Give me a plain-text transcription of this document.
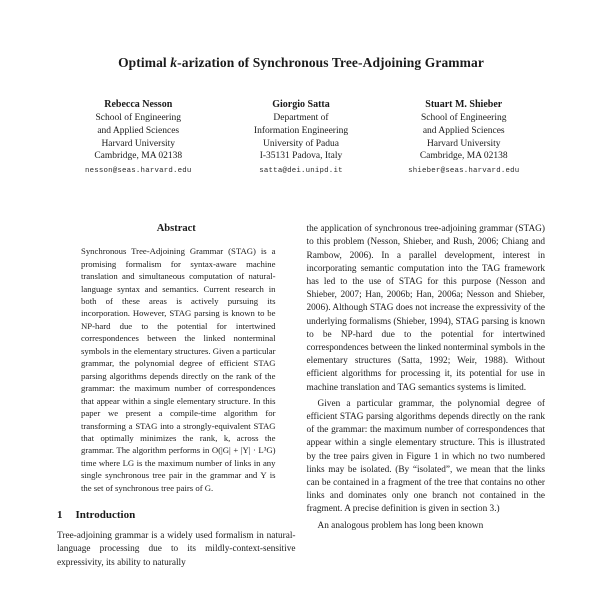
Optimal k-arization of Synchronous Tree-Adjoining Grammar
Rebecca Nesson
School of Engineering
and Applied Sciences
Harvard University
Cambridge, MA 02138
nesson@seas.harvard.edu
Giorgio Satta
Department of
Information Engineering
University of Padua
I-35131 Padova, Italy
satta@dei.unipd.it
Stuart M. Shieber
School of Engineering
and Applied Sciences
Harvard University
Cambridge, MA 02138
shieber@seas.harvard.edu
Abstract

Synchronous Tree-Adjoining Grammar (STAG) is a promising formalism for syntax-aware machine translation and simultaneous computation of natural-language syntax and semantics. Current research in both of these areas is actively pursuing its incorporation. However, STAG parsing is known to be NP-hard due to the potential for intertwined correspondences between the linked nonterminal symbols in the elementary structures. Given a particular grammar, the polynomial degree of efficient STAG parsing algorithms depends directly on the rank of the grammar: the maximum number of correspondences that appear within a single elementary structure. In this paper we present a compile-time algorithm for transforming a STAG into a strongly-equivalent STAG that optimally minimizes the rank, k, across the grammar. The algorithm performs in O(|G| + |Y| · L³G) time where LG is the maximum number of links in any single synchronous tree pair in the grammar and Y is the set of synchronous tree pairs of G.

1 Introduction

Tree-adjoining grammar is a widely used formalism in natural-language processing due to its mildly-context-sensitive expressivity, its ability to naturally

the application of synchronous tree-adjoining grammar (STAG) to this problem (Nesson, Shieber, and Rush, 2006; Chiang and Rambow, 2006). In a parallel development, interest in incorporating semantic computation into the TAG framework has led to the use of STAG for this purpose (Nesson and Shieber, 2007; Han, 2006b; Han, 2006a; Nesson and Shieber, 2006). Although STAG does not increase the expressivity of the underlying formalisms (Shieber, 1994), STAG parsing is known to be NP-hard due to the potential for intertwined correspondences between the linked nonterminal symbols in the elementary structures (Satta, 1992; Weir, 1988). Without efficient algorithms for processing it, its potential for use in machine translation and TAG semantics systems is limited.

Given a particular grammar, the polynomial degree of efficient STAG parsing algorithms depends directly on the rank of the grammar: the maximum number of correspondences that appear within a single elementary structure. This is illustrated by the tree pairs given in Figure 1 in which no two numbered links may be isolated. (By “isolated”, we mean that the links can be contained in a fragment of the tree that contains no other links and dominates only one branch not contained in the fragment. A precise definition is given in section 3.)

An analogous problem has long been known
